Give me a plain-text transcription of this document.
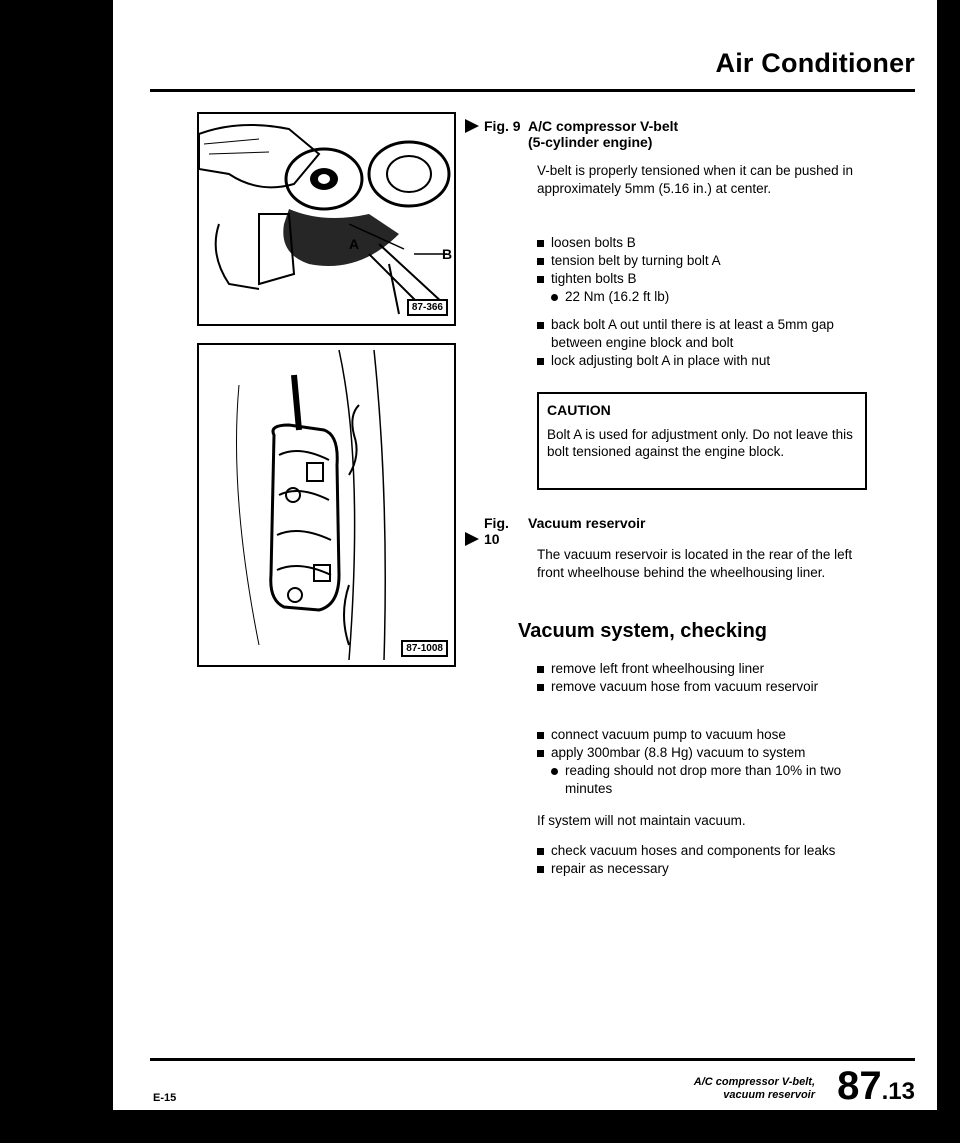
Air Conditioner
A
B
87-366
87-1008
Fig. 9 A/C compressor V-belt
(5-cylinder engine)
V-belt is properly tensioned when it can be pushed in approximately 5mm (5.16 in.) at center.
loosen bolts B
tension belt by turning bolt A
tighten bolts B
22 Nm (16.2 ft lb)
back bolt A out until there is at least a 5mm gap between engine block and bolt
lock adjusting bolt A in place with nut
CAUTION
Bolt A is used for adjustment only. Do not leave this bolt tensioned against the engine block.
Fig. 10Vacuum reservoir
The vacuum reservoir is located in the rear of the left front wheelhouse behind the wheelhousing liner.
Vacuum system, checking
remove left front wheelhousing liner
remove vacuum hose from vacuum reservoir
connect vacuum pump to vacuum hose
apply 300mbar (8.8 Hg) vacuum to system
reading should not drop more than 10% in two minutes
If system will not maintain vacuum.
check vacuum hoses and components for leaks
repair as necessary
E-15
A/C compressor V-belt,
vacuum reservoir 87.13
